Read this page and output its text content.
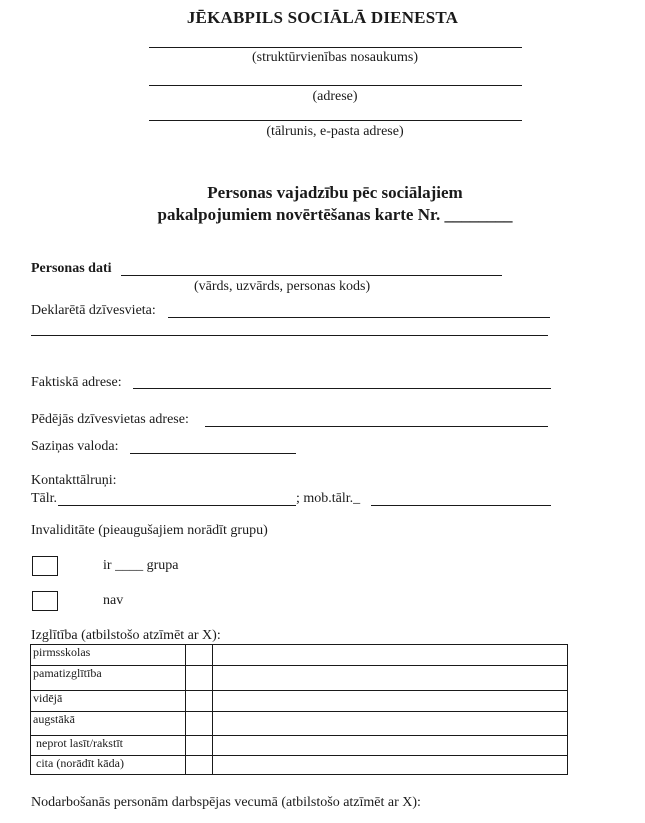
JĒKABPILS SOCIĀLĀ DIENESTA
(struktūrvienības nosaukums)
(adrese)
(tālrunis, e-pasta adrese)
Personas vajadzību pēc sociālajiem
pakalpojumiem novērtēšanas karte Nr. ________
Personas dati
(vārds, uzvārds, personas kods)
Deklarētā dzīvesvieta:
Faktiskā adrese:
Pēdējās dzīvesvietas adrese:
Saziņas valoda:
Kontakttālruņi:
Tālr.	; mob.tālr._
Invaliditāte (pieaugušajiem norādīt grupu)
ir ____ grupa
nav
Izglītība (atbilstošo atzīmēt ar X):
pirmsskolas		
pamatizglītība		
vidējā		
augstākā		
neprot lasīt/rakstīt		
cita (norādīt kāda)		
Nodarbošanās personām darbspējas vecumā (atbilstošo atzīmēt ar X):
